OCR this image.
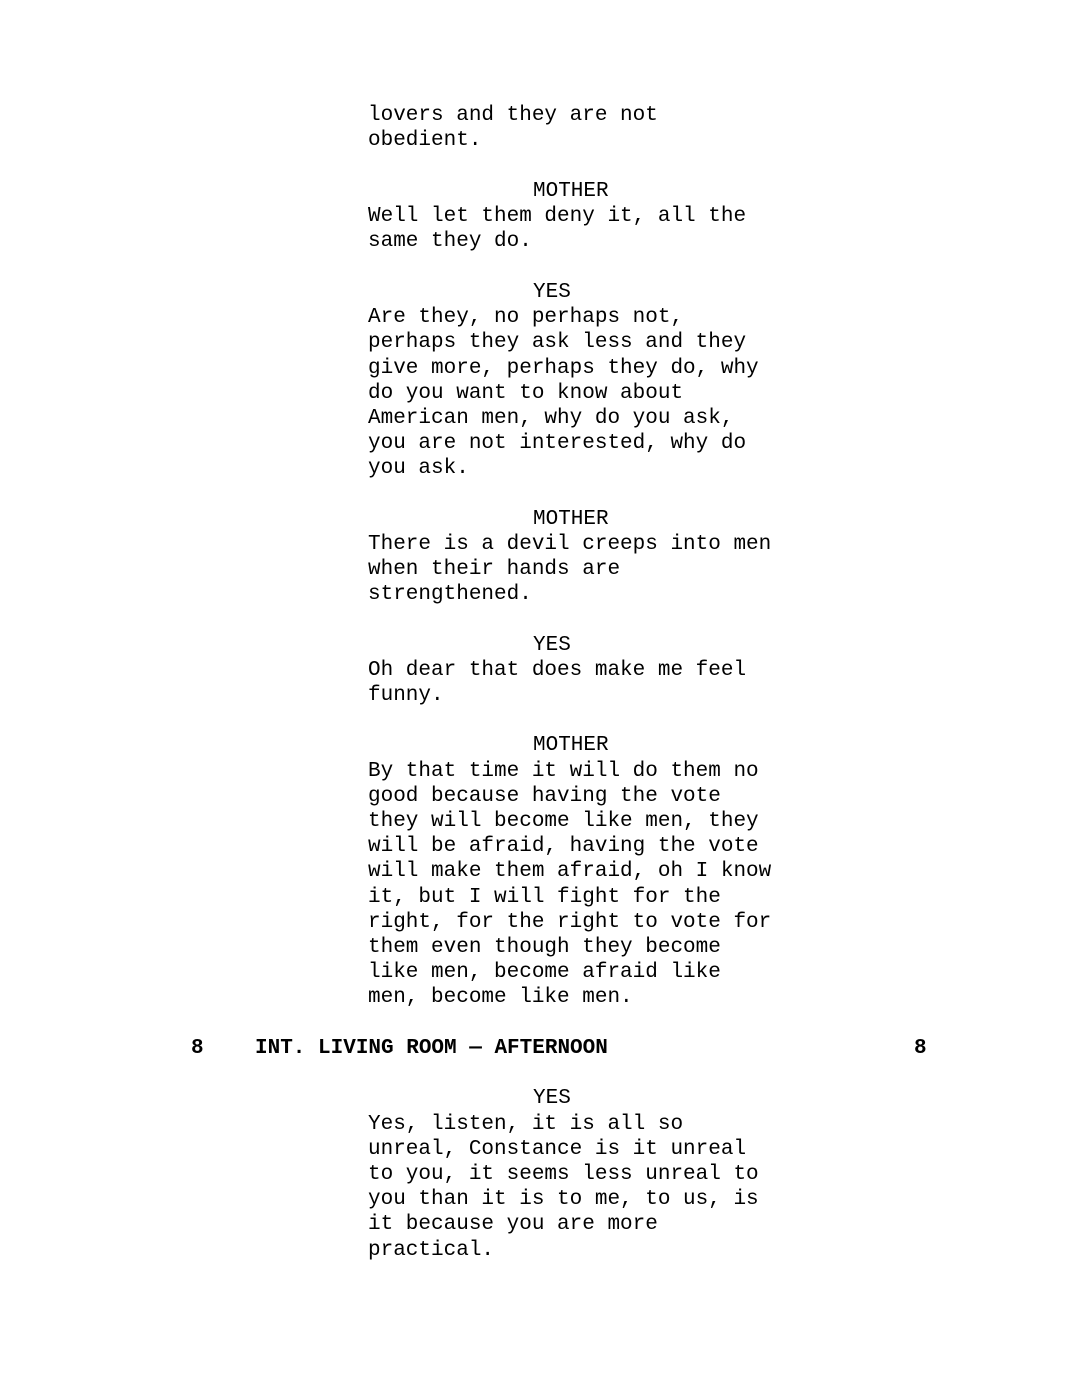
lovers and they are not
obedient.
MOTHER
Well let them deny it, all the
same they do.
YES
Are they, no perhaps not,
perhaps they ask less and they
give more, perhaps they do, why
do you want to know about
American men, why do you ask,
you are not interested, why do
you ask.
MOTHER
There is a devil creeps into men
when their hands are
strengthened.
YES
Oh dear that does make me feel
funny.
MOTHER
By that time it will do them no
good because having the vote
they will become like men, they
will be afraid, having the vote
will make them afraid, oh I know
it, but I will fight for the
right, for the right to vote for
them even though they become
like men, become afraid like
men, become like men.
8 INT. LIVING ROOM — AFTERNOON	8
YES
Yes, listen, it is all so
unreal, Constance is it unreal
to you, it seems less unreal to
you than it is to me, to us, is
it because you are more
practical.
